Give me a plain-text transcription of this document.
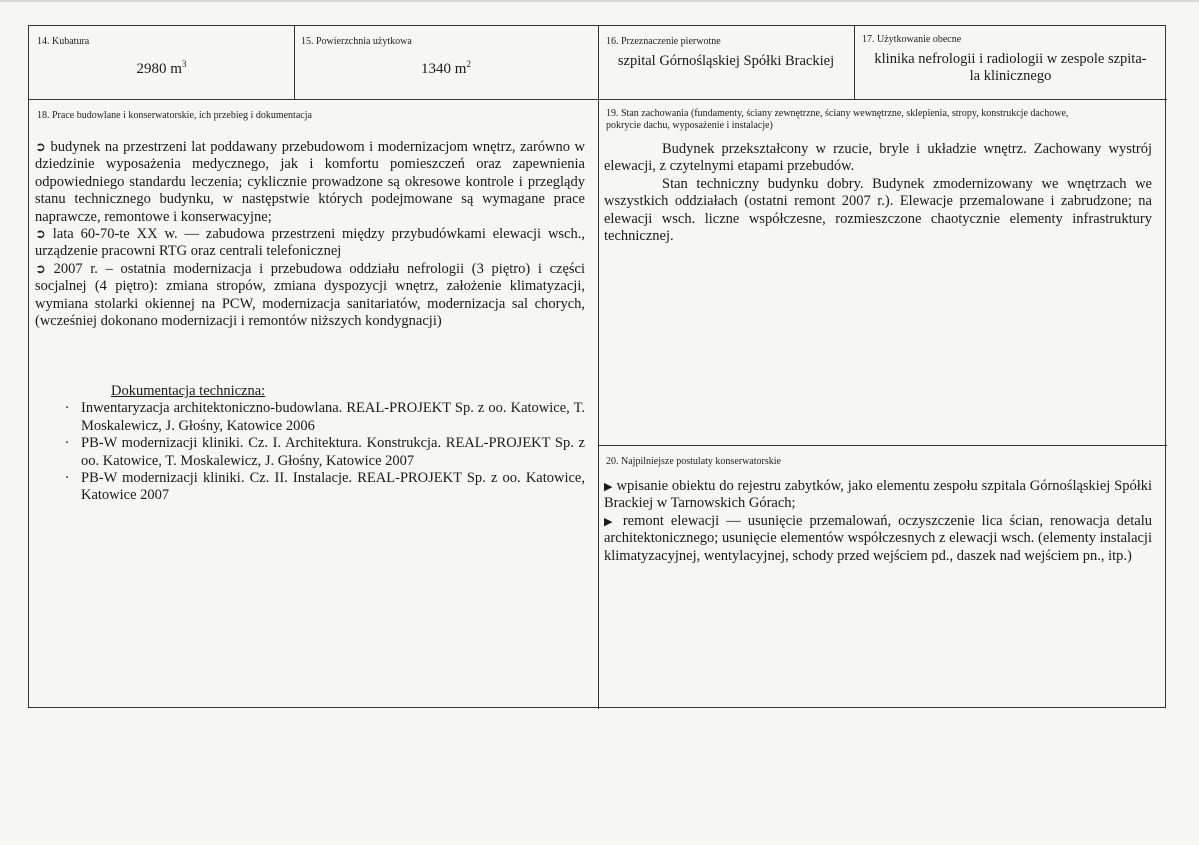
14. Kubatura
2980 $m^3$
15. Powierzchnia użytkowa
1340 $m^2$
16. Przeznaczenie pierwotne
szpital Górnośląskiej Spółki Brackiej
17. Użytkowanie obecne
klinika nefrologii i radiologii w zespole szpita-
la klinicznego
18. Prace budowlane i konserwatorskie, ich przebieg i dokumentacja

➲ budynek na przestrzeni lat poddawany przebudowom i modernizacjom wnętrz, zarówno w dziedzinie wyposażenia medycznego, jak i komfortu pomieszczeń oraz zapewnienia odpowiedniego standardu leczenia; cyklicznie prowadzone są okresowe kontrole i przeglądy stanu technicznego budynku, w następstwie których podejmowane są wymagane prace naprawcze, remontowe i konserwacyjne;

➲ lata 60-70-te XX w. — zabudowa przestrzeni między przybudówkami elewacji wsch., urządzenie pracowni RTG oraz centrali telefonicznej

➲ 2007 r. – ostatnia modernizacja i przebudowa oddziału nefrologii (3 piętro) i części socjalnej (4 piętro): zmiana stropów, zmiana dyspozycji wnętrz, założenie klimatyzacji, wymiana stolarki okiennej na PCW, modernizacja sanitariatów, modernizacja sal chorych, (wcześniej dokonano modernizacji i remontów niższych kondygnacji)

Dokumentacja techniczna:

· Inwentaryzacja architektoniczno-budowlana. REAL-PROJEKT Sp. z oo. Katowice, T. Moskalewicz, J. Głośny, Katowice 2006

· PB-W modernizacji kliniki. Cz. I. Architektura. Konstrukcja. REAL-PROJEKT Sp. z oo. Katowice, T. Moskalewicz, J. Głośny, Katowice 2007

· PB-W modernizacji kliniki. Cz. II. Instalacje. REAL-PROJEKT Sp. z oo. Katowice, Katowice 2007

19. Stan zachowania (fundamenty, ściany zewnętrzne, ściany wewnętrzne, sklepienia, stropy, konstrukcje dachowe,
pokrycie dachu, wyposażenie i instalacje)

Budynek przekształcony w rzucie, bryle i układzie wnętrz. Zachowany wystrój elewacji, z czytelnymi etapami przebudów.

Stan techniczny budynku dobry. Budynek zmodernizowany we wnętrzach we wszystkich oddziałach (ostatni remont 2007 r.). Elewacje przemalowane i zabrudzone; na elewacji wsch. liczne współczesne, rozmieszczone chaotycznie elementy infrastruktury technicznej.

20. Najpilniejsze postulaty konserwatorskie

▶ wpisanie obiektu do rejestru zabytków, jako elementu zespołu szpitala Górnośląskiej Spółki Brackiej w Tarnowskich Górach;

▶ remont elewacji — usunięcie przemalowań, oczyszczenie lica ścian, renowacja detalu architektonicznego; usunięcie elementów współczesnych z elewacji wsch. (elementy instalacji klimatyzacyjnej, wentylacyjnej, schody przed wejściem pd., daszek nad wejściem pn., itp.)
